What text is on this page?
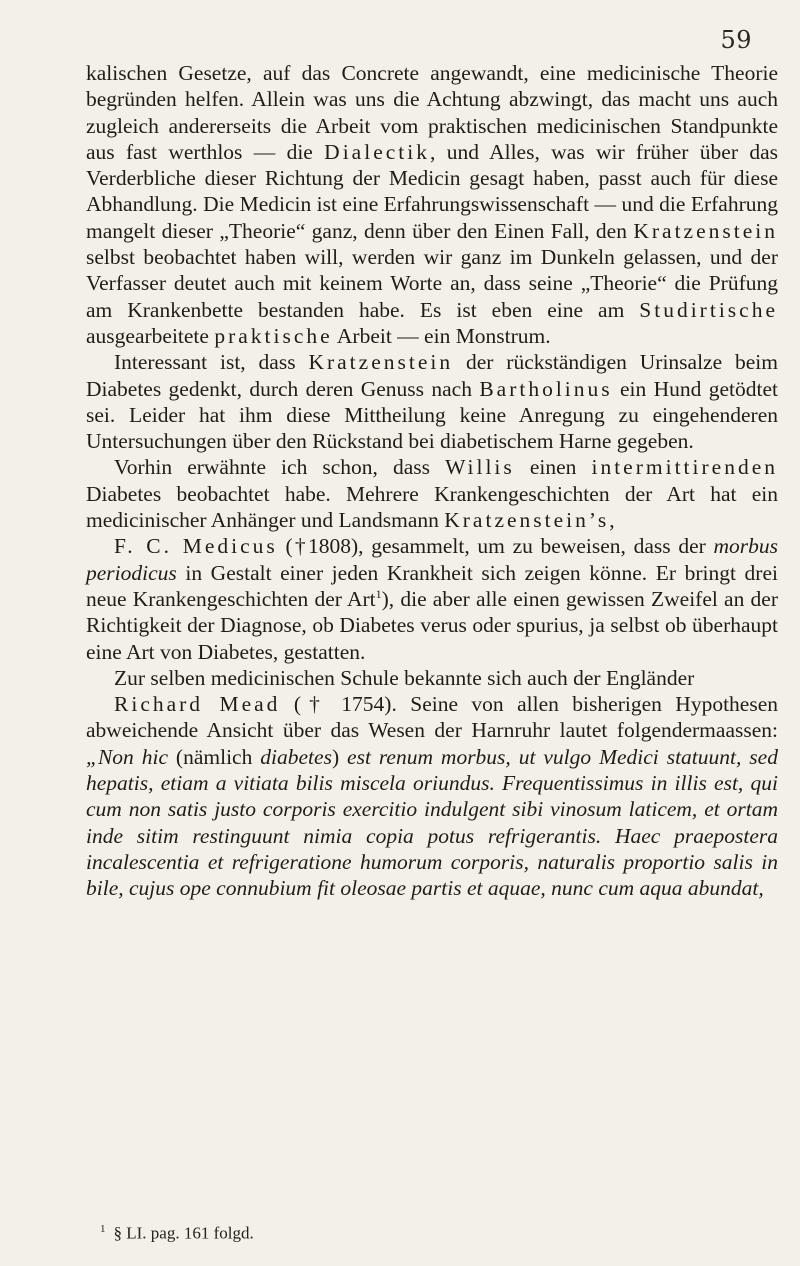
59

kalischen Gesetze, auf das Concrete angewandt, eine medicinische Theorie begründen helfen. Allein was uns die Achtung abzwingt, das macht uns auch zugleich andererseits die Arbeit vom praktischen medicinischen Standpunkte aus fast werthlos — die Dialectik, und Alles, was wir früher über das Verderbliche dieser Richtung der Medicin gesagt haben, passt auch für diese Abhandlung. Die Medicin ist eine Erfahrungswissenschaft — und die Erfahrung mangelt dieser „Theorie“ ganz, denn über den Einen Fall, den Kratzenstein selbst beobachtet haben will, werden wir ganz im Dunkeln gelassen, und der Verfasser deutet auch mit keinem Worte an, dass seine „Theorie“ die Prüfung am Krankenbette bestanden habe. Es ist eben eine am Studirtische ausgearbeitete praktische Arbeit — ein Monstrum.

Interessant ist, dass Kratzenstein der rückständigen Urinsalze beim Diabetes gedenkt, durch deren Genuss nach Bartholinus ein Hund getödtet sei. Leider hat ihm diese Mittheilung keine Anregung zu eingehenderen Untersuchungen über den Rückstand bei diabetischem Harne gegeben.

Vorhin erwähnte ich schon, dass Willis einen intermittirenden Diabetes beobachtet habe. Mehrere Krankengeschichten der Art hat ein medicinischer Anhänger und Landsmann Kratzenstein’s,

F. C. Medicus (†1808), gesammelt, um zu beweisen, dass der morbus periodicus in Gestalt einer jeden Krankheit sich zeigen könne. Er bringt drei neue Krankengeschichten der Art$^1$), die aber alle einen gewissen Zweifel an der Richtigkeit der Diagnose, ob Diabetes verus oder spurius, ja selbst ob überhaupt eine Art von Diabetes, gestatten.

Zur selben medicinischen Schule bekannte sich auch der Engländer

Richard Mead († 1754). Seine von allen bisherigen Hypothesen abweichende Ansicht über das Wesen der Harnruhr lautet folgendermaassen: „Non hic (nämlich diabetes) est renum morbus, ut vulgo Medici statuunt, sed hepatis, etiam a vitiata bilis miscela oriundus. Frequentissimus in illis est, qui cum non satis justo corporis exercitio indulgent sibi vinosum laticem, et ortam inde sitim restinguunt nimia copia potus refrigerantis. Haec praepostera incalescentia et refrigeratione humorum corporis, naturalis proportio salis in bile, cujus ope connubium fit oleosae partis et aquae, nunc cum aqua abundat,

$^1$ § LI. pag. 161 folgd.
